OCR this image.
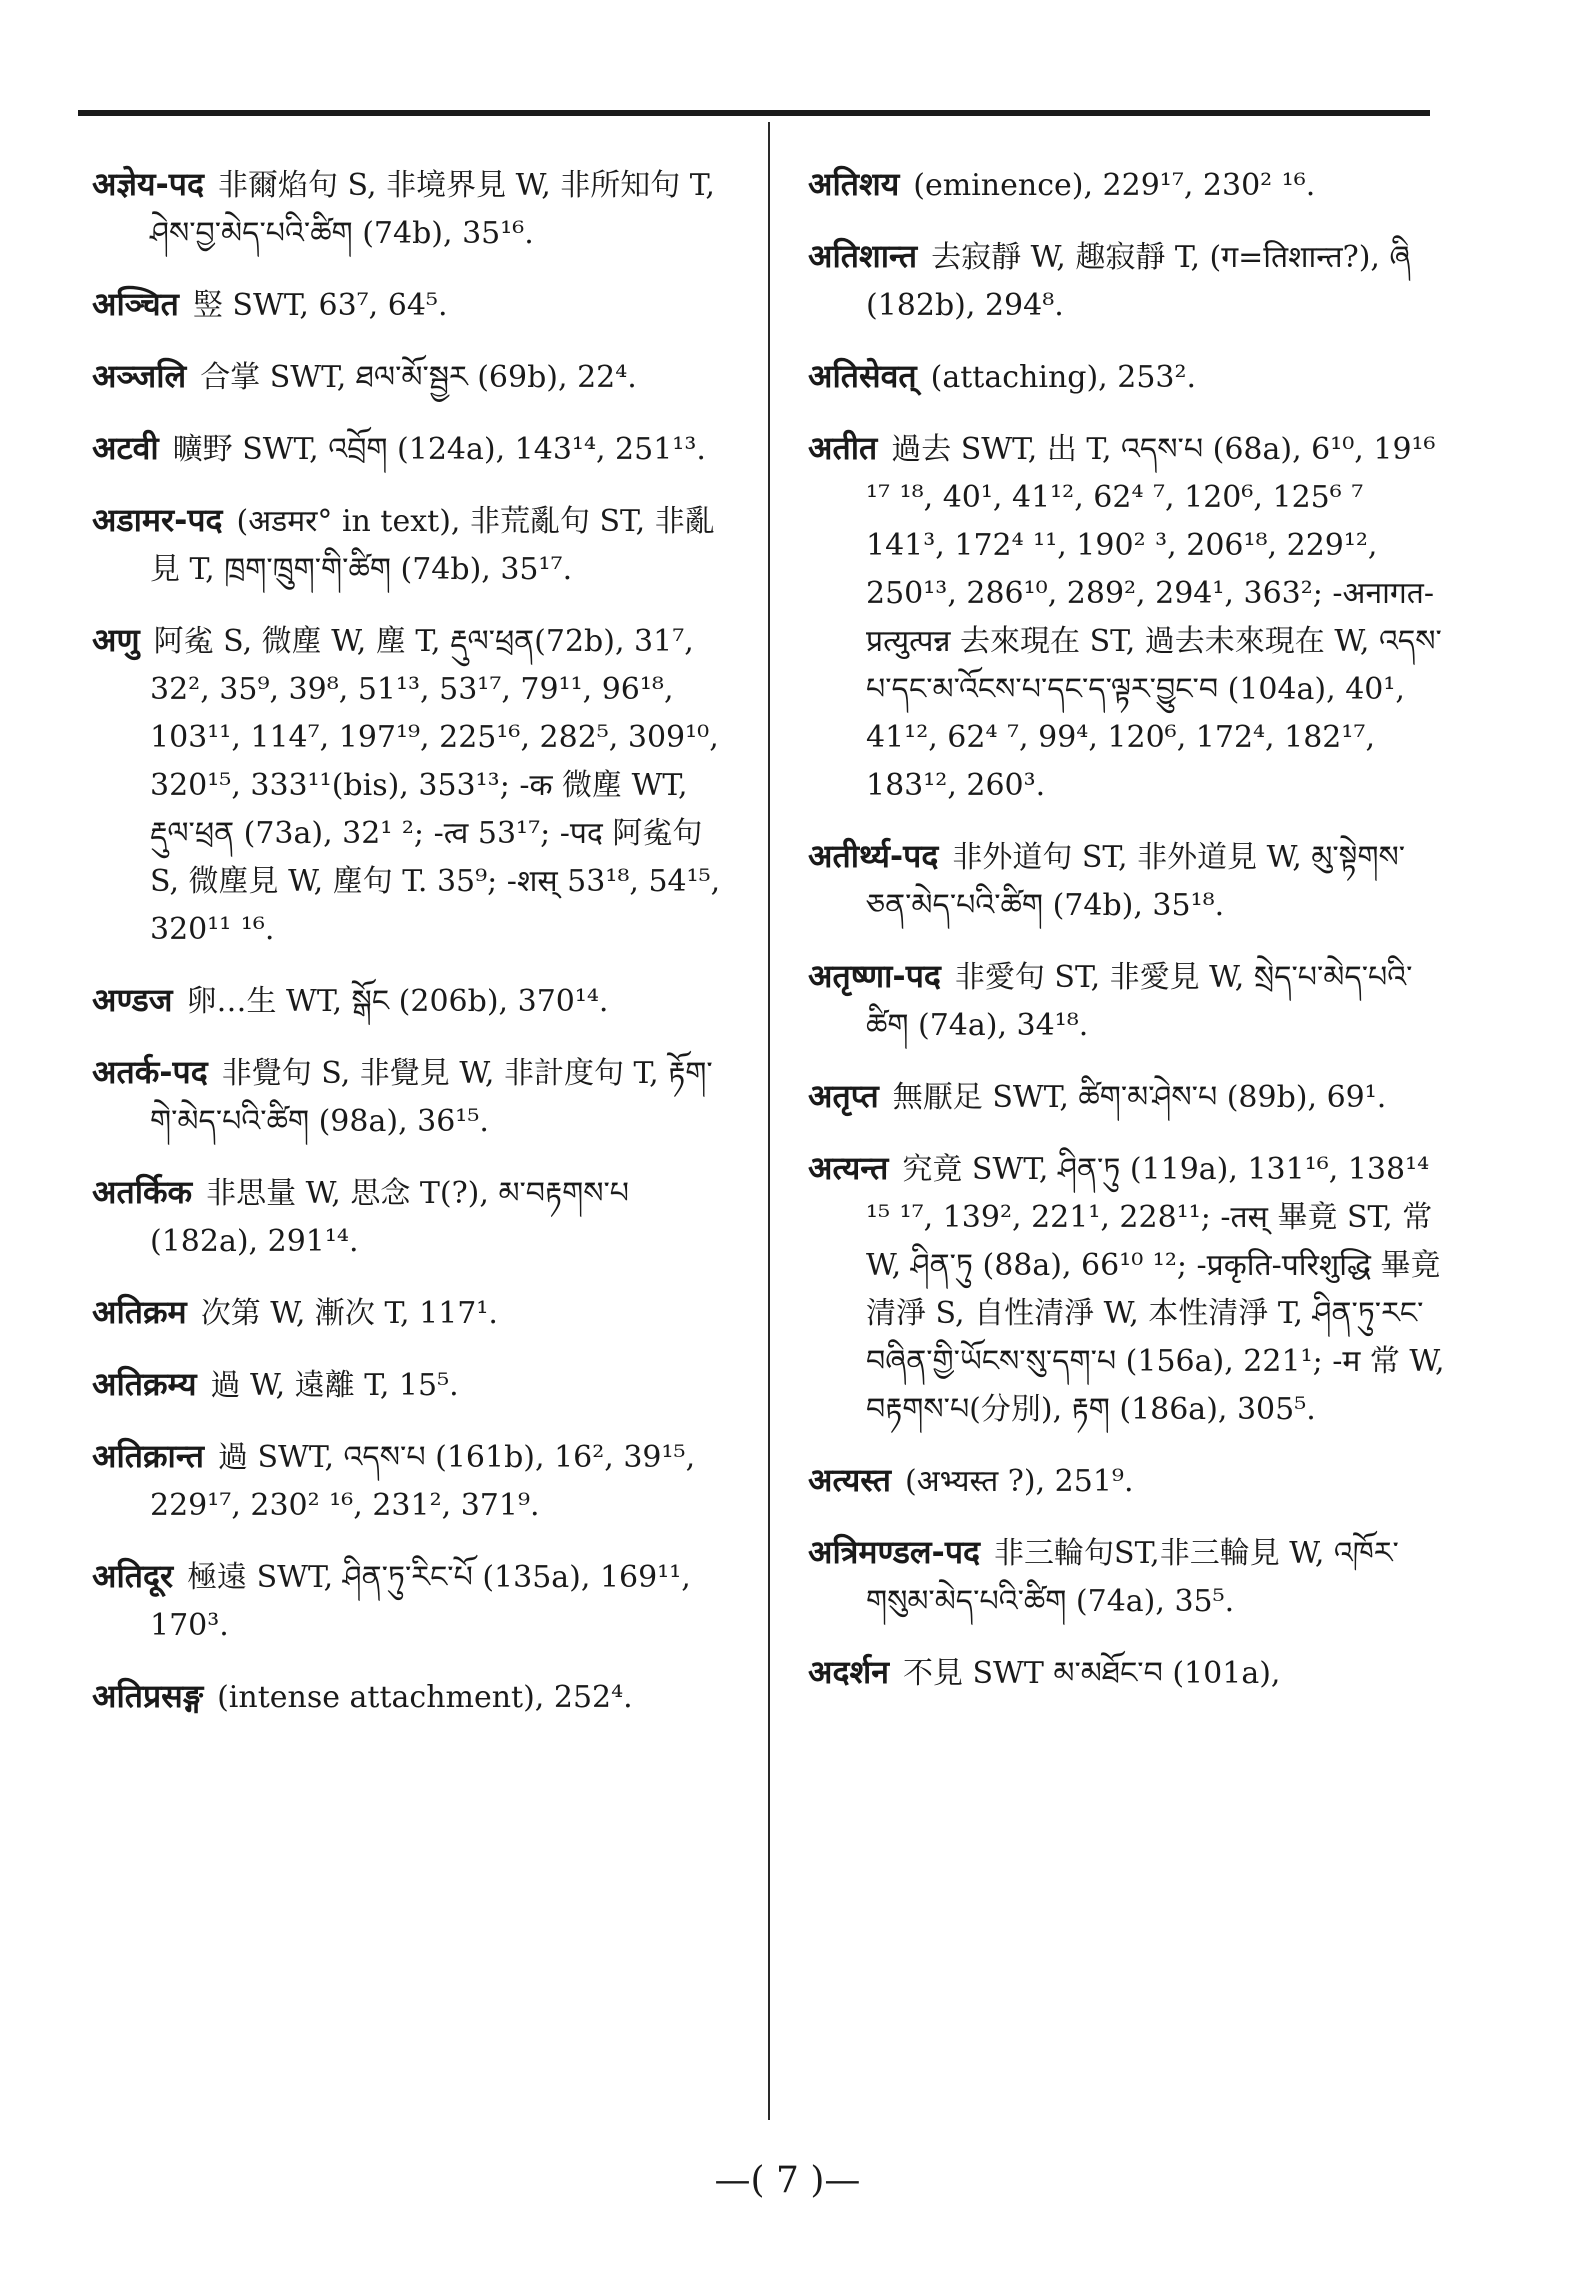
अज्ञेय-पद 非爾焰句 S, 非境界見 W, 非所知句 T, ཤེས་བྱ་མེད་པའི་ཚིག (74b), 35¹⁶.

अञ्चित 竪 SWT, 63⁷, 64⁵.

अञ्जलि 合掌 SWT, ཐལ་མོ་སྦྱར (69b), 22⁴.

अटवी 曠野 SWT, འབྲོག (124a), 143¹⁴, 251¹³.

अडामर-पद (अडमर° in text), 非荒亂句 ST, 非亂見 T, ཁྲག་ཁྲུག་གི་ཚིག (74b), 35¹⁷.

अणु 阿㝹 S, 微塵 W, 塵 T, རྡུལ་ཕྲན(72b), 31⁷, 32², 35⁹, 39⁸, 51¹³, 53¹⁷, 79¹¹, 96¹⁸, 103¹¹, 114⁷, 197¹⁹, 225¹⁶, 282⁵, 309¹⁰, 320¹⁵, 333¹¹(bis), 353¹³; -क 微塵 WT, རྡུལ་ཕྲན (73a), 32¹ ²; -त्व 53¹⁷; -पद 阿㝹句 S, 微塵見 W, 塵句 T. 35⁹; -शस् 53¹⁸, 54¹⁵, 320¹¹ ¹⁶.

अण्डज 卵…生 WT, སྒོང (206b), 370¹⁴.

अतर्क-पद 非覺句 S, 非覺見 W, 非計度句 T, རྟོག་གེ་མེད་པའི་ཚིག (98a), 36¹⁵.

अतर्किक 非思量 W, 思念 T(?), མ་བརྟགས་པ (182a), 291¹⁴.

अतिक्रम 次第 W, 漸次 T, 117¹.

अतिक्रम्य 過 W, 遠離 T, 15⁵.

अतिक्रान्त 過 SWT, འདས་པ (161b), 16², 39¹⁵, 229¹⁷, 230² ¹⁶, 231², 371⁹.

अतिदूर 極遠 SWT, ཤིན་ཏུ་རིང་པོ (135a), 169¹¹, 170³.

अतिप्रसङ्ग (intense attachment), 252⁴.

अतिशय (eminence), 229¹⁷, 230² ¹⁶.

अतिशान्त 去寂靜 W, 趣寂靜 T, (ग=तिशान्त?), ཞི (182b), 294⁸.

अतिसेवत् (attaching), 253².

अतीत 過去 SWT, 出 T, འདས་པ (68a), 6¹⁰, 19¹⁶ ¹⁷ ¹⁸, 40¹, 41¹², 62⁴ ⁷, 120⁶, 125⁶ ⁷ 141³, 172⁴ ¹¹, 190² ³, 206¹⁸, 229¹², 250¹³, 286¹⁰, 289², 294¹, 363²; -अनागत-प्रत्युत्पन्न 去來現在 ST, 過去未來現在 W, འདས་པ་དང་མ་འོངས་པ་དང་ད་ལྟར་བྱུང་བ (104a), 40¹, 41¹², 62⁴ ⁷, 99⁴, 120⁶, 172⁴, 182¹⁷, 183¹², 260³.

अतीर्थ्य-पद 非外道句 ST, 非外道見 W, མུ་སྟེགས་ཅན་མེད་པའི་ཚིག (74b), 35¹⁸.

अतृष्णा-पद 非愛句 ST, 非愛見 W, སྲེད་པ་མེད་པའི་ཚིག (74a), 34¹⁸.

अतृप्त 無厭足 SWT, ཚིག་མ་ཤེས་པ (89b), 69¹.

अत्यन्त 究竟 SWT, ཤིན་ཏུ (119a), 131¹⁶, 138¹⁴ ¹⁵ ¹⁷, 139², 221¹, 228¹¹; -तस् 畢竟 ST, 常 W, ཤིན་ཏུ (88a), 66¹⁰ ¹²; -प्रकृति-परिशुद्धि 畢竟清淨 S, 自性清淨 W, 本性清淨 T, ཤིན་ཏུ་རང་བཞིན་གྱི་ཡོངས་སུ་དག་པ (156a), 221¹; -म 常 W, བརྟགས་པ(分別), རྟག (186a), 305⁵.

अत्यस्त (अभ्यस्त ?), 251⁹.

अत्रिमण्डल-पद 非三輪句ST,非三輪見 W, འཁོར་གསུམ་མེད་པའི་ཚིག (74a), 35⁵.

अदर्शन 不見 SWT མ་མཐོང་བ (101a),

—( 7 )—
